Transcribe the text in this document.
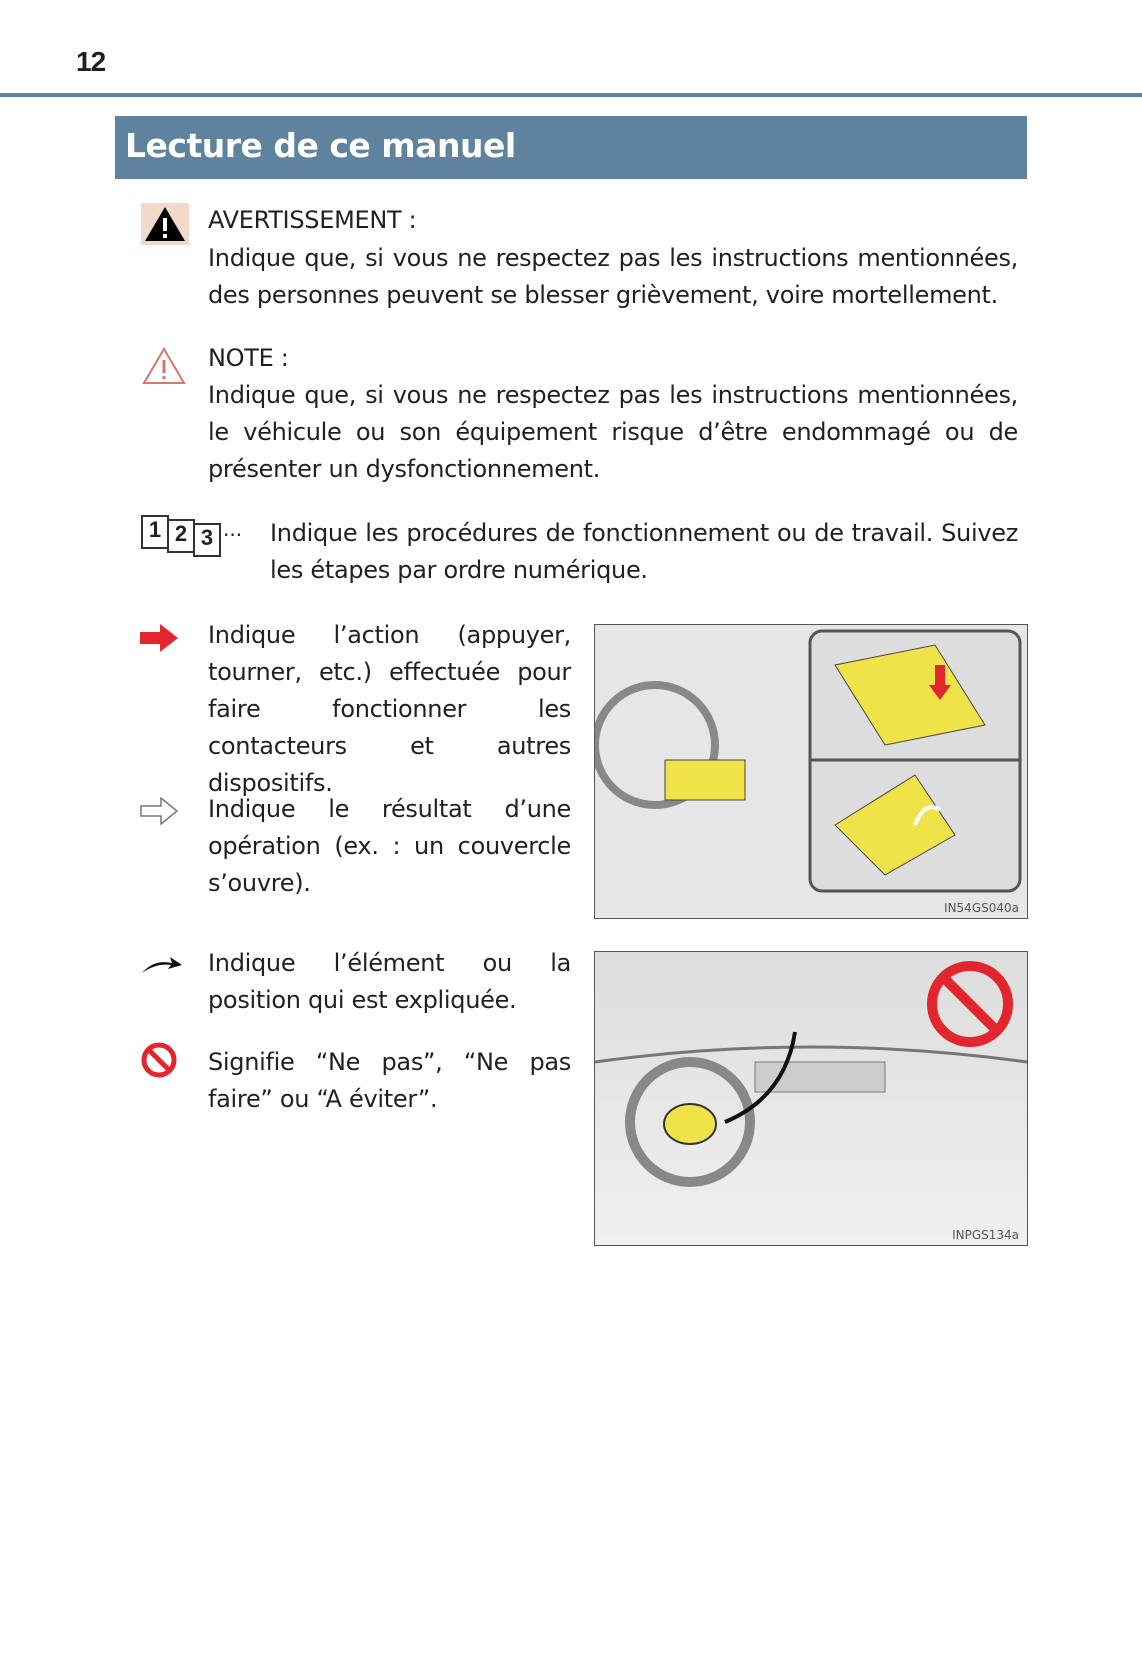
12
Lecture de ce manuel
AVERTISSEMENT :
Indique que, si vous ne respectez pas les instructions mentionnées, des personnes peuvent se blesser grièvement, voire mortellement.
NOTE :
Indique que, si vous ne respectez pas les instructions mentionnées, le véhicule ou son équipement risque d’être endommagé ou de présenter un dysfonctionnement.
1 2 3 ... Indique les procédures de fonctionnement ou de travail. Suivez les étapes par ordre numérique.
Indique l’action (appuyer, tourner, etc.) effectuée pour faire fonctionner les contacteurs et autres dispositifs.
Indique le résultat d’une opération (ex. : un couvercle s’ouvre).
IN54GS040a
Indique l’élément ou la position qui est expliquée.
Signifie “Ne pas”, “Ne pas faire” ou “A éviter”.
INPGS134a
